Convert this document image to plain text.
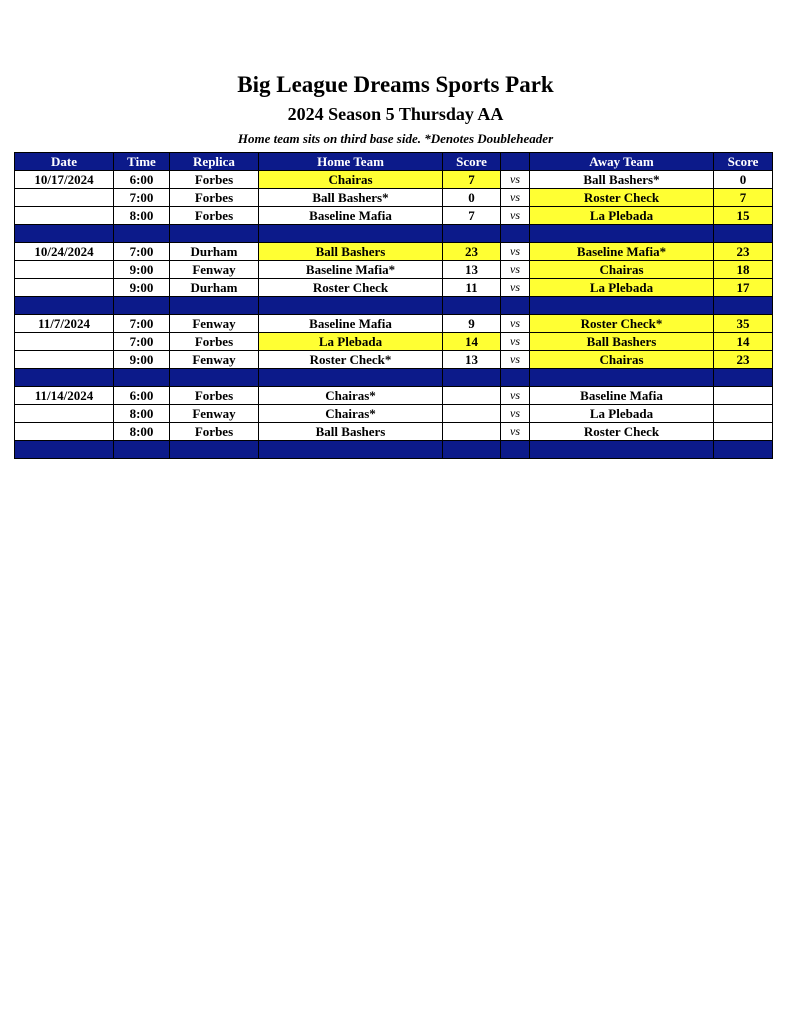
Big League Dreams Sports Park
2024 Season 5 Thursday AA
Home team sits on third base side. *Denotes Doubleheader
Date	Time	Replica	Home Team	Score		Away Team	Score
10/17/2024	6:00	Forbes	Chairas	7	vs	Ball Bashers*	0
	7:00	Forbes	Ball Bashers*	0	vs	Roster Check	7
	8:00	Forbes	Baseline Mafia	7	vs	La Plebada	15

10/24/2024	7:00	Durham	Ball Bashers	23	vs	Baseline Mafia*	23
	9:00	Fenway	Baseline Mafia*	13	vs	Chairas	18
	9:00	Durham	Roster Check	11	vs	La Plebada	17

11/7/2024	7:00	Fenway	Baseline Mafia	9	vs	Roster Check*	35
	7:00	Forbes	La Plebada	14	vs	Ball Bashers	14
	9:00	Fenway	Roster Check*	13	vs	Chairas	23

11/14/2024	6:00	Forbes	Chairas*		vs	Baseline Mafia	
	8:00	Fenway	Chairas*		vs	La Plebada	
	8:00	Forbes	Ball Bashers		vs	Roster Check	
